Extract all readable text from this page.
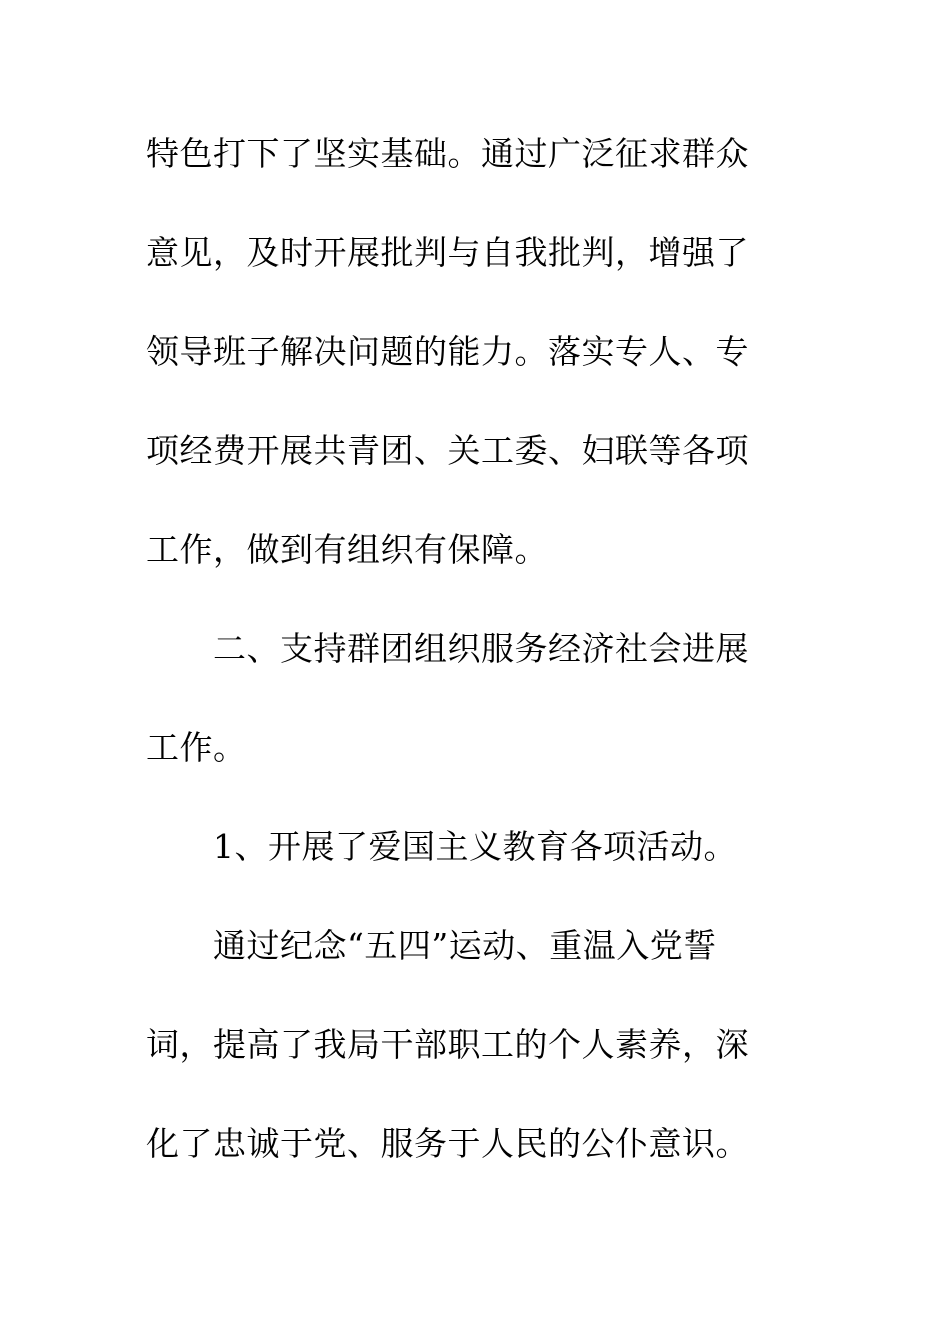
特色打下了坚实基础。通过广泛征求群众
意见，及时开展批判与自我批判，增强了
领导班子解决问题的能力。落实专人、专
项经费开展共青团、关工委、妇联等各项
工作，做到有组织有保障。
二、支持群团组织服务经济社会进展
工作。
1、开展了爱国主义教育各项活动。
通过纪念“五四”运动、重温入党誓
词，提高了我局干部职工的个人素养，深
化了忠诚于党、服务于人民的公仆意识。
